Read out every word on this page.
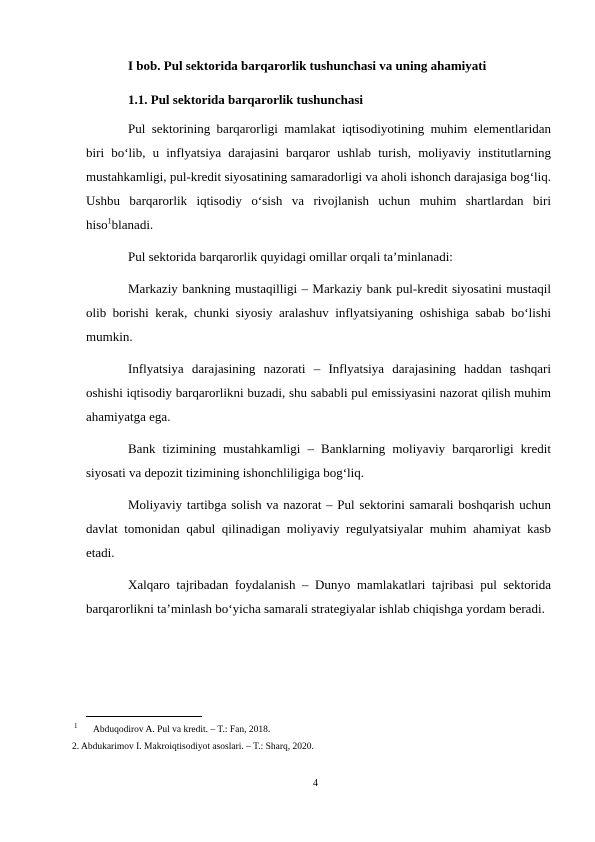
I bob. Pul sektorida barqarorlik tushunchasi va uning ahamiyati
1.1. Pul sektorida barqarorlik tushunchasi

Pul sektorining barqarorligi mamlakat iqtisodiyotining muhim elementlaridan biri bo‘lib, u inflyatsiya darajasini barqaror ushlab turish, moliyaviy institutlarning mustahkamligi, pul-kredit siyosatining samaradorligi va aholi ishonch darajasiga bog‘liq. Ushbu barqarorlik iqtisodiy o‘sish va rivojlanish uchun muhim shartlardan biri hiso$^1$blanadi.

Pul sektorida barqarorlik quyidagi omillar orqali ta’minlanadi:

Markaziy bankning mustaqilligi – Markaziy bank pul-kredit siyosatini mustaqil olib borishi kerak, chunki siyosiy aralashuv inflyatsiyaning oshishiga sabab bo‘lishi mumkin.

Inflyatsiya darajasining nazorati – Inflyatsiya darajasining haddan tashqari oshishi iqtisodiy barqarorlikni buzadi, shu sababli pul emissiyasini nazorat qilish muhim ahamiyatga ega.

Bank tizimining mustahkamligi – Banklarning moliyaviy barqarorligi kredit siyosati va depozit tizimining ishonchliligiga bog‘liq.

Moliyaviy tartibga solish va nazorat – Pul sektorini samarali boshqarish uchun davlat tomonidan qabul qilinadigan moliyaviy regulyatsiyalar muhim ahamiyat kasb etadi.

Xalqaro tajribadan foydalanish – Dunyo mamlakatlari tajribasi pul sektorida barqarorlikni ta’minlash bo‘yicha samarali strategiyalar ishlab chiqishga yordam beradi.

1 Abduqodirov A. Pul va kredit. – T.: Fan, 2018.
2. Abdukarimov I. Makroiqtisodiyot asoslari. – T.: Sharq, 2020.
4
